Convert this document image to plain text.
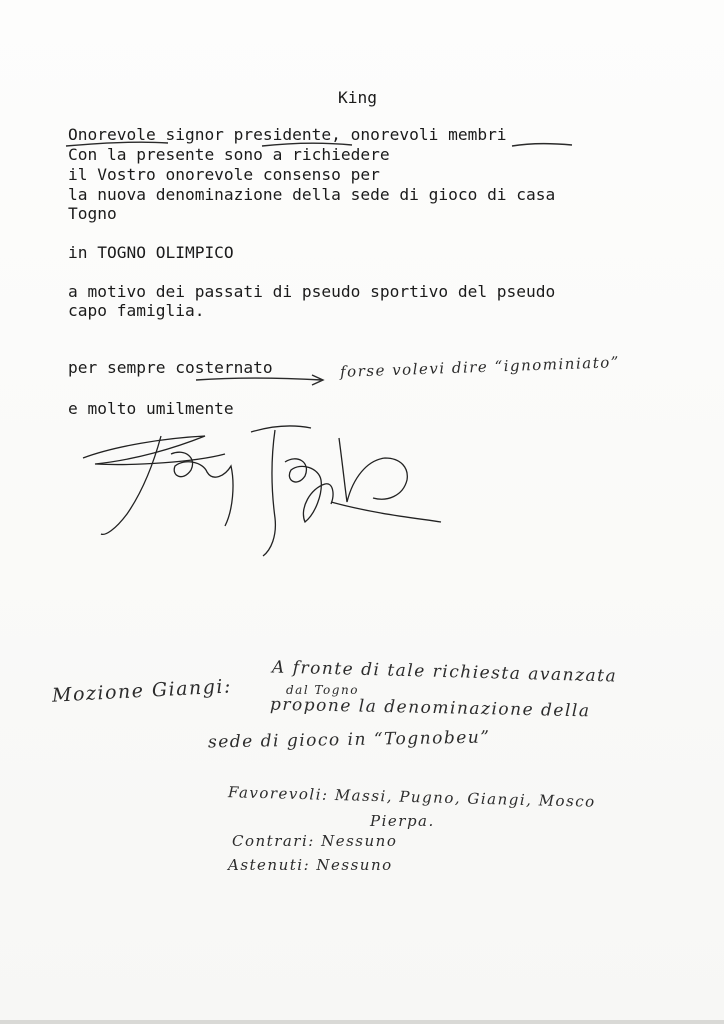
King
Onorevole signor presidente, onorevoli membri
Con la presente sono a richiedere
il Vostro onorevole consenso per
la nuova denominazione della sede di gioco di casa
Togno
in TOGNO OLIMPICO
a motivo dei passati di pseudo sportivo del pseudo
capo famiglia.
per sempre costernato
e molto umilmente
forse volevi dire “ignominiato”
Mozione Giangi:
A fronte di tale richiesta avanzata
dal Togno
propone la denominazione della
sede di gioco in “Tognobeu”
Favorevoli: Massi, Pugno, Giangi, Mosco
Pierpa.
Contrari: Nessuno
Astenuti: Nessuno
